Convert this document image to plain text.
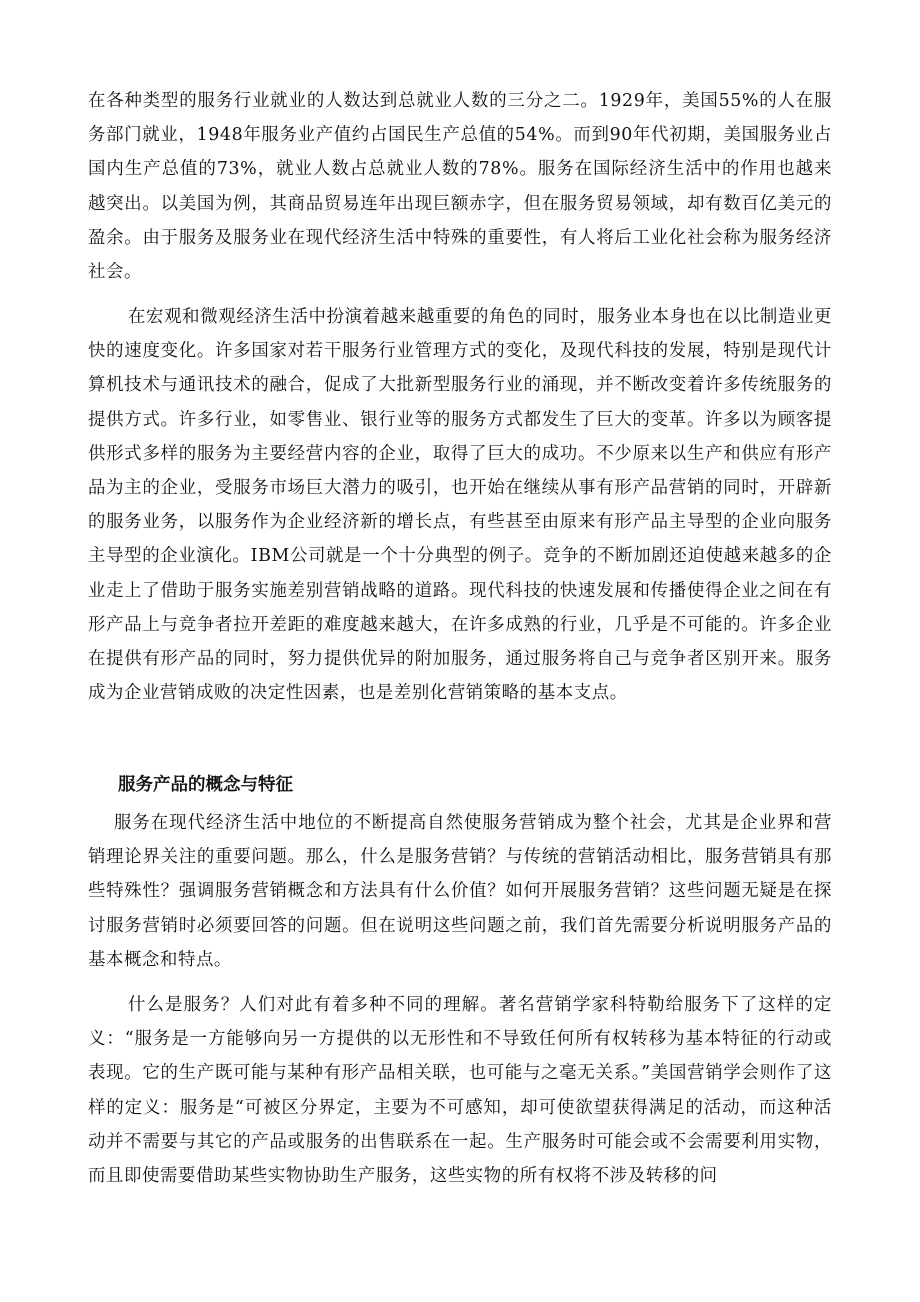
在各种类型的服务行业就业的人数达到总就业人数的三分之二。1929年，美国55%的人在服务部门就业，1948年服务业产值约占国民生产总值的54%。而到90年代初期，美国服务业占国内生产总值的73%，就业人数占总就业人数的78%。服务在国际经济生活中的作用也越来越突出。以美国为例，其商品贸易连年出现巨额赤字，但在服务贸易领域，却有数百亿美元的盈余。由于服务及服务业在现代经济生活中特殊的重要性，有人将后工业化社会称为服务经济社会。

在宏观和微观经济生活中扮演着越来越重要的角色的同时，服务业本身也在以比制造业更快的速度变化。许多国家对若干服务行业管理方式的变化，及现代科技的发展，特别是现代计算机技术与通讯技术的融合，促成了大批新型服务行业的涌现，并不断改变着许多传统服务的提供方式。许多行业，如零售业、银行业等的服务方式都发生了巨大的变革。许多以为顾客提供形式多样的服务为主要经营内容的企业，取得了巨大的成功。不少原来以生产和供应有形产品为主的企业，受服务市场巨大潜力的吸引，也开始在继续从事有形产品营销的同时，开辟新的服务业务，以服务作为企业经济新的增长点，有些甚至由原来有形产品主导型的企业向服务主导型的企业演化。IBM公司就是一个十分典型的例子。竞争的不断加剧还迫使越来越多的企业走上了借助于服务实施差别营销战略的道路。现代科技的快速发展和传播使得企业之间在有形产品上与竞争者拉开差距的难度越来越大，在许多成熟的行业，几乎是不可能的。许多企业在提供有形产品的同时，努力提供优异的附加服务，通过服务将自己与竞争者区别开来。服务成为企业营销成败的决定性因素，也是差别化营销策略的基本支点。

服务产品的概念与特征

服务在现代经济生活中地位的不断提高自然使服务营销成为整个社会，尤其是企业界和营销理论界关注的重要问题。那么，什么是服务营销？与传统的营销活动相比，服务营销具有那些特殊性？强调服务营销概念和方法具有什么价值？如何开展服务营销？这些问题无疑是在探讨服务营销时必须要回答的问题。但在说明这些问题之前，我们首先需要分析说明服务产品的基本概念和特点。

什么是服务？人们对此有着多种不同的理解。著名营销学家科特勒给服务下了这样的定义：“服务是一方能够向另一方提供的以无形性和不导致任何所有权转移为基本特征的行动或表现。它的生产既可能与某种有形产品相关联，也可能与之毫无关系。”美国营销学会则作了这样的定义：服务是“可被区分界定，主要为不可感知，却可使欲望获得满足的活动，而这种活动并不需要与其它的产品或服务的出售联系在一起。生产服务时可能会或不会需要利用实物，而且即使需要借助某些实物协助生产服务，这些实物的所有权将不涉及转移的问
